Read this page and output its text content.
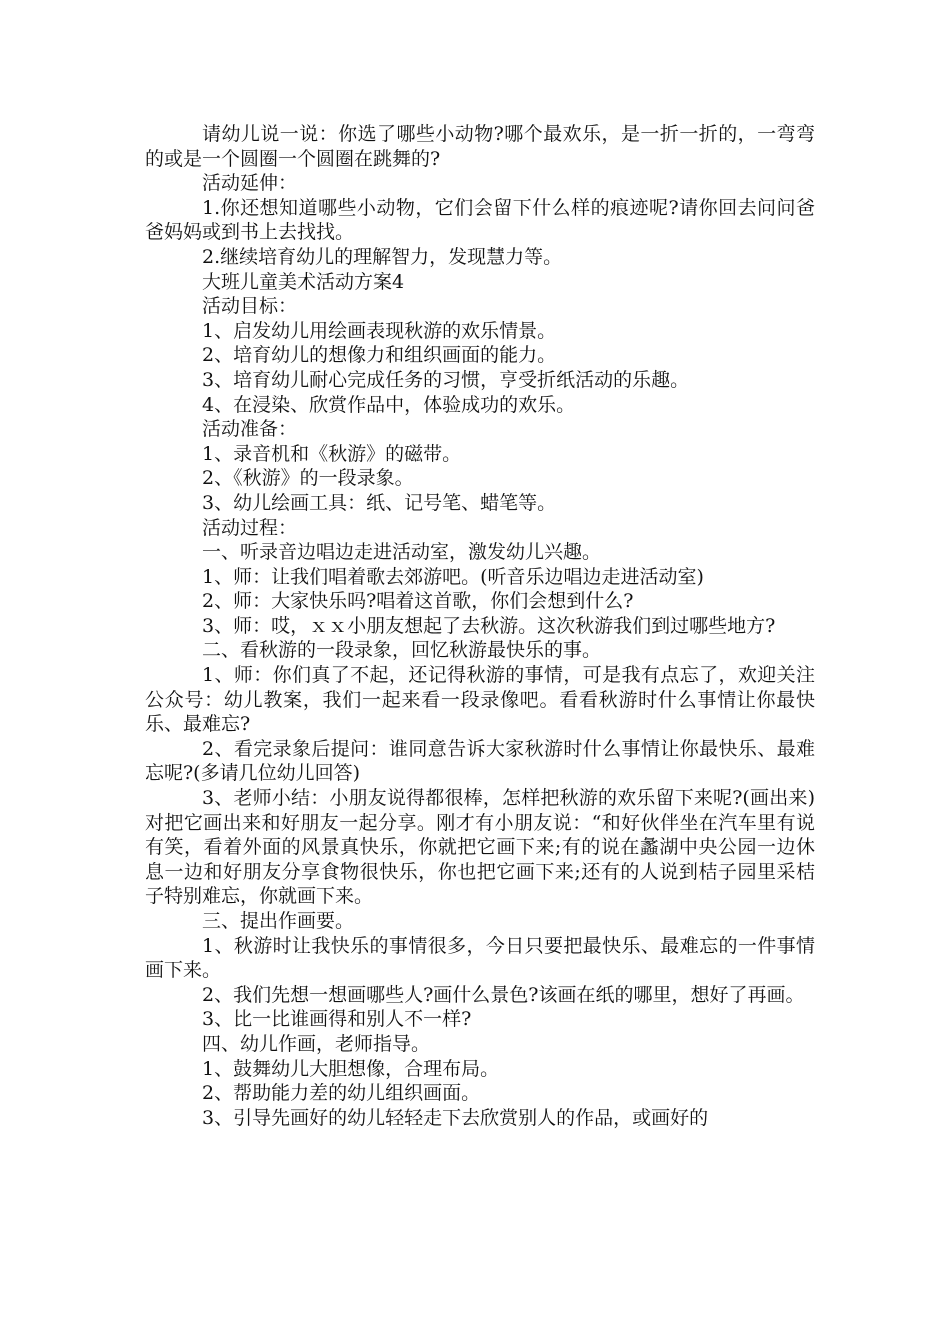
请幼儿说一说：你选了哪些小动物?哪个最欢乐，是一折一折的，一弯弯的或是一个圆圈一个圆圈在跳舞的?

活动延伸：

1.你还想知道哪些小动物，它们会留下什么样的痕迹呢?请你回去问问爸爸妈妈或到书上去找找。

2.继续培育幼儿的理解智力，发现慧力等。

大班儿童美术活动方案4

活动目标：

1、启发幼儿用绘画表现秋游的欢乐情景。

2、培育幼儿的想像力和组织画面的能力。

3、培育幼儿耐心完成任务的习惯，亨受折纸活动的乐趣。

4、在浸染、欣赏作品中，体验成功的欢乐。

活动准备：

1、录音机和《秋游》的磁带。

2、《秋游》的一段录象。

3、幼儿绘画工具：纸、记号笔、蜡笔等。

活动过程：

一、听录音边唱边走进活动室，激发幼儿兴趣。

1、师：让我们唱着歌去郊游吧。(听音乐边唱边走进活动室)

2、师：大家快乐吗?唱着这首歌，你们会想到什么?

3、师：哎，ｘｘ小朋友想起了去秋游。这次秋游我们到过哪些地方?

二、看秋游的一段录象，回忆秋游最快乐的事。

1、师：你们真了不起，还记得秋游的事情，可是我有点忘了，欢迎关注公众号：幼儿教案，我们一起来看一段录像吧。看看秋游时什么事情让你最快乐、最难忘?

2、看完录象后提问：谁同意告诉大家秋游时什么事情让你最快乐、最难忘呢?(多请几位幼儿回答)

3、老师小结：小朋友说得都很棒，怎样把秋游的欢乐留下来呢?(画出来)对把它画出来和好朋友一起分享。刚才有小朋友说：“和好伙伴坐在汽车里有说有笑，看着外面的风景真快乐，你就把它画下来;有的说在蠡湖中央公园一边休息一边和好朋友分享食物很快乐，你也把它画下来;还有的人说到桔子园里采桔子特别难忘，你就画下来。

三、提出作画要。

1、秋游时让我快乐的事情很多，今日只要把最快乐、最难忘的一件事情画下来。

2、我们先想一想画哪些人?画什么景色?该画在纸的哪里，想好了再画。

3、比一比谁画得和别人不一样?

四、幼儿作画，老师指导。

1、鼓舞幼儿大胆想像，合理布局。

2、帮助能力差的幼儿组织画面。

3、引导先画好的幼儿轻轻走下去欣赏别人的作品，或画好的
